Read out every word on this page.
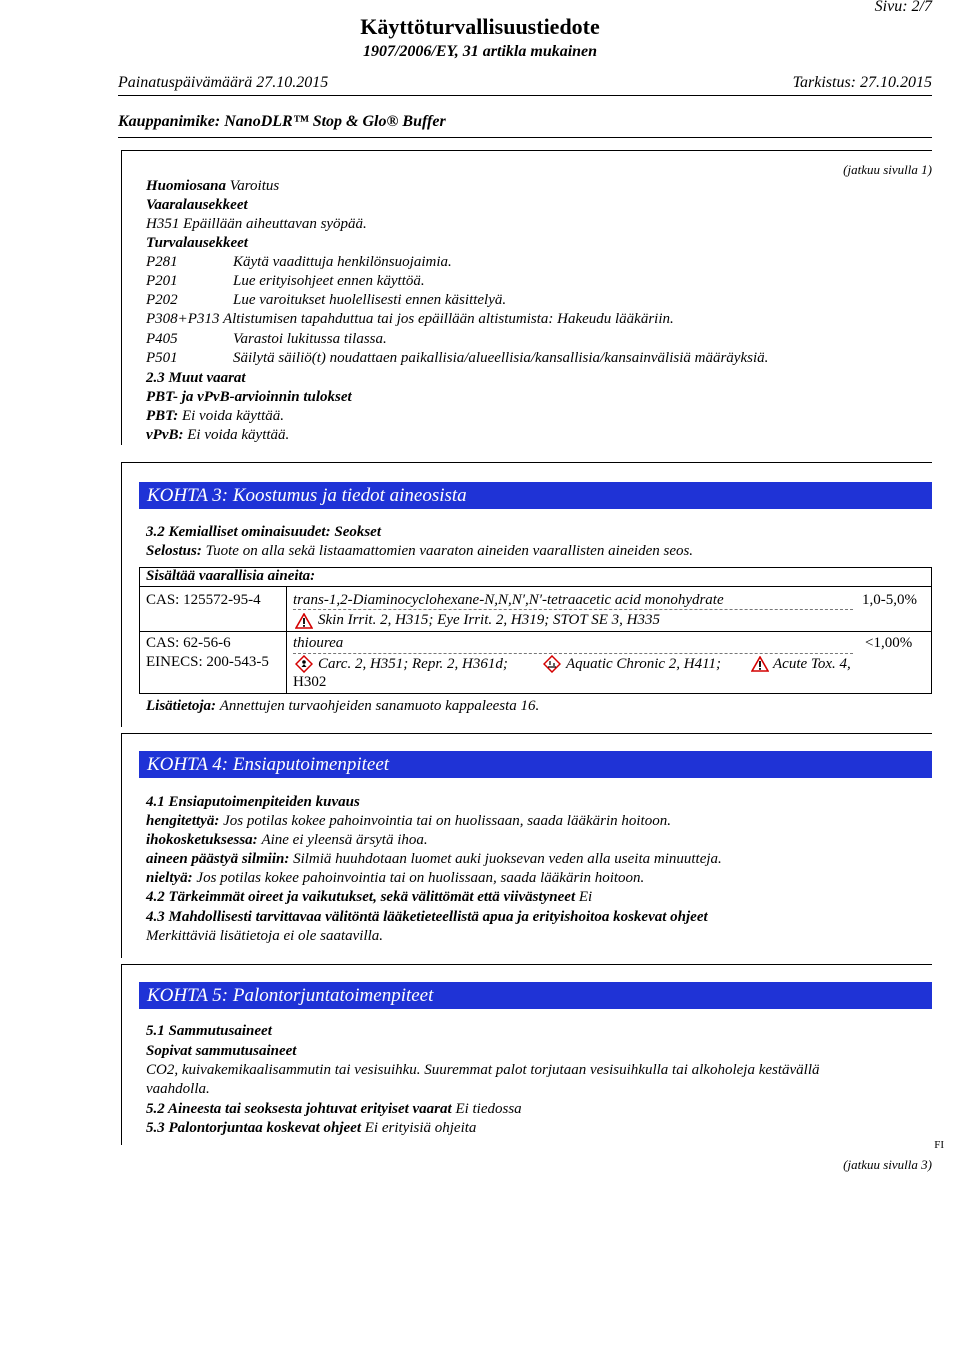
Sivu: 2/7
Käyttöturvallisuustiedote
1907/2006/EY, 31 artikla mukainen
Painatuspäivämäärä 27.10.2015	Tarkistus: 27.10.2015
Kauppanimike: NanoDLR™ Stop & Glo® Buffer
(jatkuu sivulla 1)
Huomiosana Varoitus
Vaaralausekkeet
H351 Epäillään aiheuttavan syöpää.
Turvalausekkeet
P281	Käytä vaadittuja henkilönsuojaimia.
P201	Lue erityisohjeet ennen käyttöä.
P202	Lue varoitukset huolellisesti ennen käsittelyä.
P308+P313 Altistumisen tapahduttua tai jos epäillään altistumista: Hakeudu lääkäriin.
P405	Varastoi lukitussa tilassa.
P501	Säilytä säiliö(t) noudattaen paikallisia/alueellisia/kansallisia/kansainvälisiä määräyksiä.
2.3 Muut vaarat
PBT- ja vPvB-arvioinnin tulokset
PBT: Ei voida käyttää.
vPvB: Ei voida käyttää.
KOHTA 3: Koostumus ja tiedot aineosista
3.2 Kemialliset ominaisuudet: Seokset
Selostus: Tuote on alla sekä listaamattomien vaaraton aineiden vaarallisten aineiden seos.
Sisältää vaarallisia aineita:
CAS: 125572-95-4 trans-1,2-Diaminocyclohexane-N,N,N′,N′-tetraacetic acid monohydrate	1,0-5,0%
Skin Irrit. 2, H315; Eye Irrit. 2, H319; STOT SE 3, H335
CAS: 62-56-6
EINECS: 200-543-5
thiourea	<1,00%
Carc. 2, H351; Repr. 2, H361d;	Aquatic Chronic 2, H411;	Acute Tox. 4,
H302
Lisätietoja: Annettujen turvaohjeiden sanamuoto kappaleesta 16.
KOHTA 4: Ensiaputoimenpiteet
4.1 Ensiaputoimenpiteiden kuvaus
hengitettyä: Jos potilas kokee pahoinvointia tai on huolissaan, saada lääkärin hoitoon.
ihokosketuksessa: Aine ei yleensä ärsytä ihoa.
aineen päästyä silmiin: Silmiä huuhdotaan luomet auki juoksevan veden alla useita minuutteja.
nieltyä: Jos potilas kokee pahoinvointia tai on huolissaan, saada lääkärin hoitoon.
4.2 Tärkeimmät oireet ja vaikutukset, sekä välittömät että viivästyneet Ei
4.3 Mahdollisesti tarvittavaa välitöntä lääketieteellistä apua ja erityishoitoa koskevat ohjeet
Merkittäviä lisätietoja ei ole saatavilla.
KOHTA 5: Palontorjuntatoimenpiteet
5.1 Sammutusaineet
Sopivat sammutusaineet
CO2, kuivakemikaalisammutin tai vesisuihku. Suuremmat palot torjutaan vesisuihkulla tai alkoholeja kestävällä
vaahdolla.
5.2 Aineesta tai seoksesta johtuvat erityiset vaarat Ei tiedossa
5.3 Palontorjuntaa koskevat ohjeet Ei erityisiä ohjeita
FI
(jatkuu sivulla 3)
